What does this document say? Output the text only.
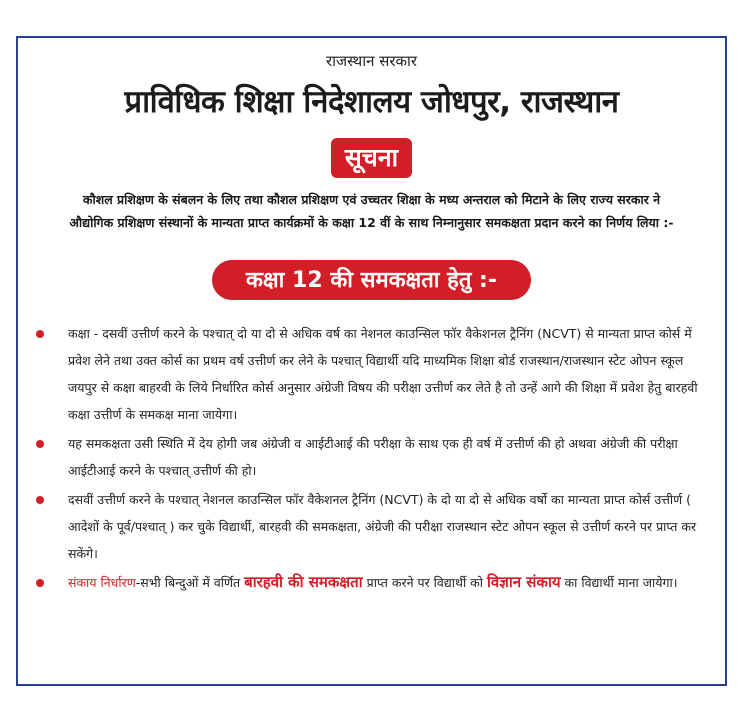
राजस्थान सरकार
प्राविधिक शिक्षा निदेशालय जोधपुर, राजस्थान
सूचना
कौशल प्रशिक्षण के संबलन के लिए तथा कौशल प्रशिक्षण एवं उच्चतर शिक्षा के मध्य अन्तराल को मिटाने के लिए राज्य सरकार ने
औद्योगिक प्रशिक्षण संस्थानों के मान्यता प्राप्त कार्यक्रमों के कक्षा 12 वीं के साथ निम्नानुसार समकक्षता प्रदान करने का निर्णय लिया :-
कक्षा 12 की समकक्षता हेतु :-
कक्षा - दसवीं उत्तीर्ण करने के पश्चात् दो या दो से अधिक वर्ष का नेशनल काउन्सिल फॉर वैकेशनल ट्रैनिंग (NCVT) से मान्यता प्राप्त कोर्स में प्रवेश लेने तथा उक्त कोर्स का प्रथम वर्ष उत्तीर्ण कर लेने के पश्चात् विद्यार्थी यदि माध्यमिक शिक्षा बोर्ड राजस्थान/राजस्थान स्टेट ओपन स्कूल जयपुर से कक्षा बाहरवी के लिये निर्धारित कोर्स अनुसार अंग्रेजी विषय की परीक्षा उत्तीर्ण कर लेते है तो उन्हें आगे की शिक्षा में प्रवेश हेतु बारहवी कक्षा उत्तीर्ण के समकक्ष माना जायेगा।
यह समकक्षता उसी स्थिति में देय होगी जब अंग्रेजी व आईटीआई की परीक्षा के साथ एक ही वर्ष में उत्तीर्ण की हो अथवा अंग्रेजी की परीक्षा आईटीआई करने के पश्चात् उत्तीर्ण की हो।
दसवीं उत्तीर्ण करने के पश्चात् नेशनल काउन्सिल फॉर वैकेशनल ट्रैनिंग (NCVT) के दो या दो से अधिक वर्षो का मान्यता प्राप्त कोर्स उत्तीर्ण ( आदेशों के पूर्व/पश्चात् ) कर चुके विद्यार्थी, बारहवी की समकक्षता, अंग्रेजी की परीक्षा राजस्थान स्टेट ओपन स्कूल से उत्तीर्ण करने पर प्राप्त कर सकेंगे।
संकाय निर्धारण-सभी बिन्दुओं में वर्णित बारहवी की समकक्षता प्राप्त करने पर विद्यार्थी को विज्ञान संकाय का विद्यार्थी माना जायेगा।
